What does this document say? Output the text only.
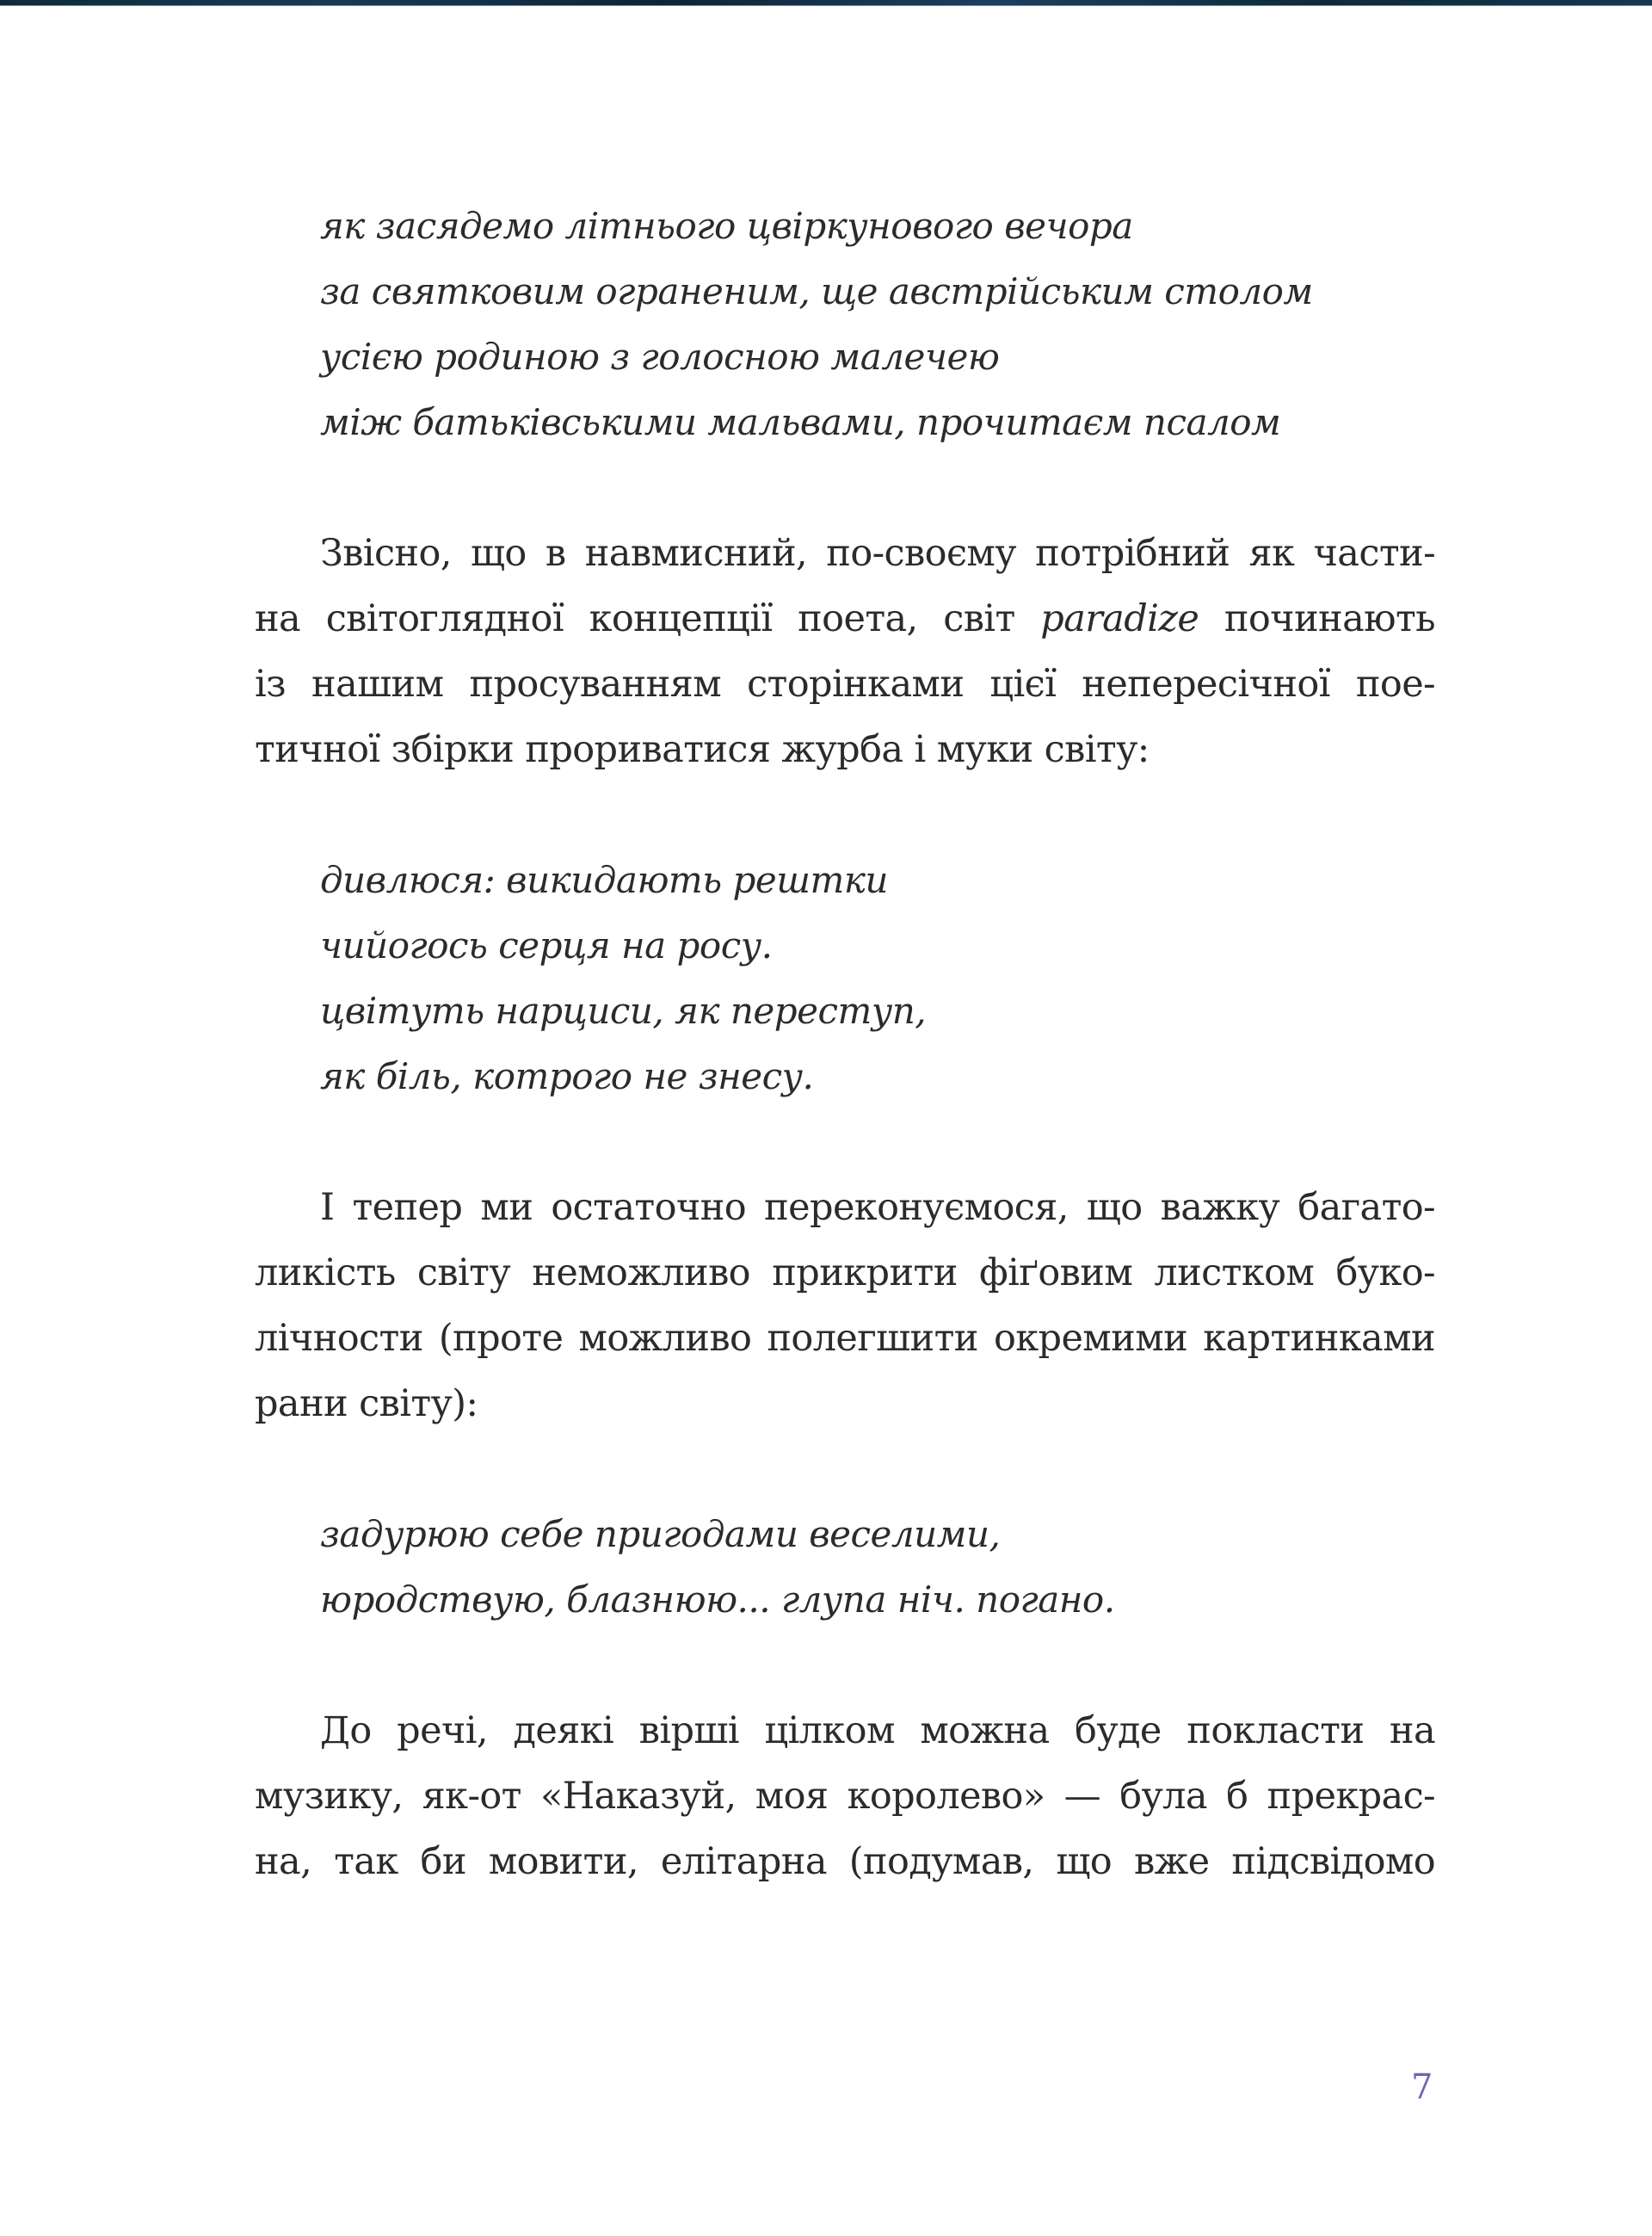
як засядемо літнього цвіркунового вечора
за святковим ограненим, ще австрійським столом
усією родиною з голосною малечею
між батьківськими мальвами, прочитаєм псалом
Звісно, що в навмисний, по-своєму потрібний як части-
на світоглядної концепції поета, світ paradize починають
із нашим просуванням сторінками цієї непересічної пое-
тичної збірки прориватися журба і муки світу:
дивлюся: викидають рештки
чийогось серця на росу.
цвітуть нарциси, як переступ,
як біль, котрого не знесу.
І тепер ми остаточно переконуємося, що важку багато-
ликість світу неможливо прикрити фіґовим листком буко-
лічности (проте можливо полегшити окремими картинками
рани світу):
задурюю себе пригодами веселими,
юродствую, блазнюю... глупа ніч. погано.
До речі, деякі вірші цілком можна буде покласти на
музику, як-от «Наказуй, моя королево» — була б прекрас-
на, так би мовити, елітарна (подумав, що вже підсвідомо
7
